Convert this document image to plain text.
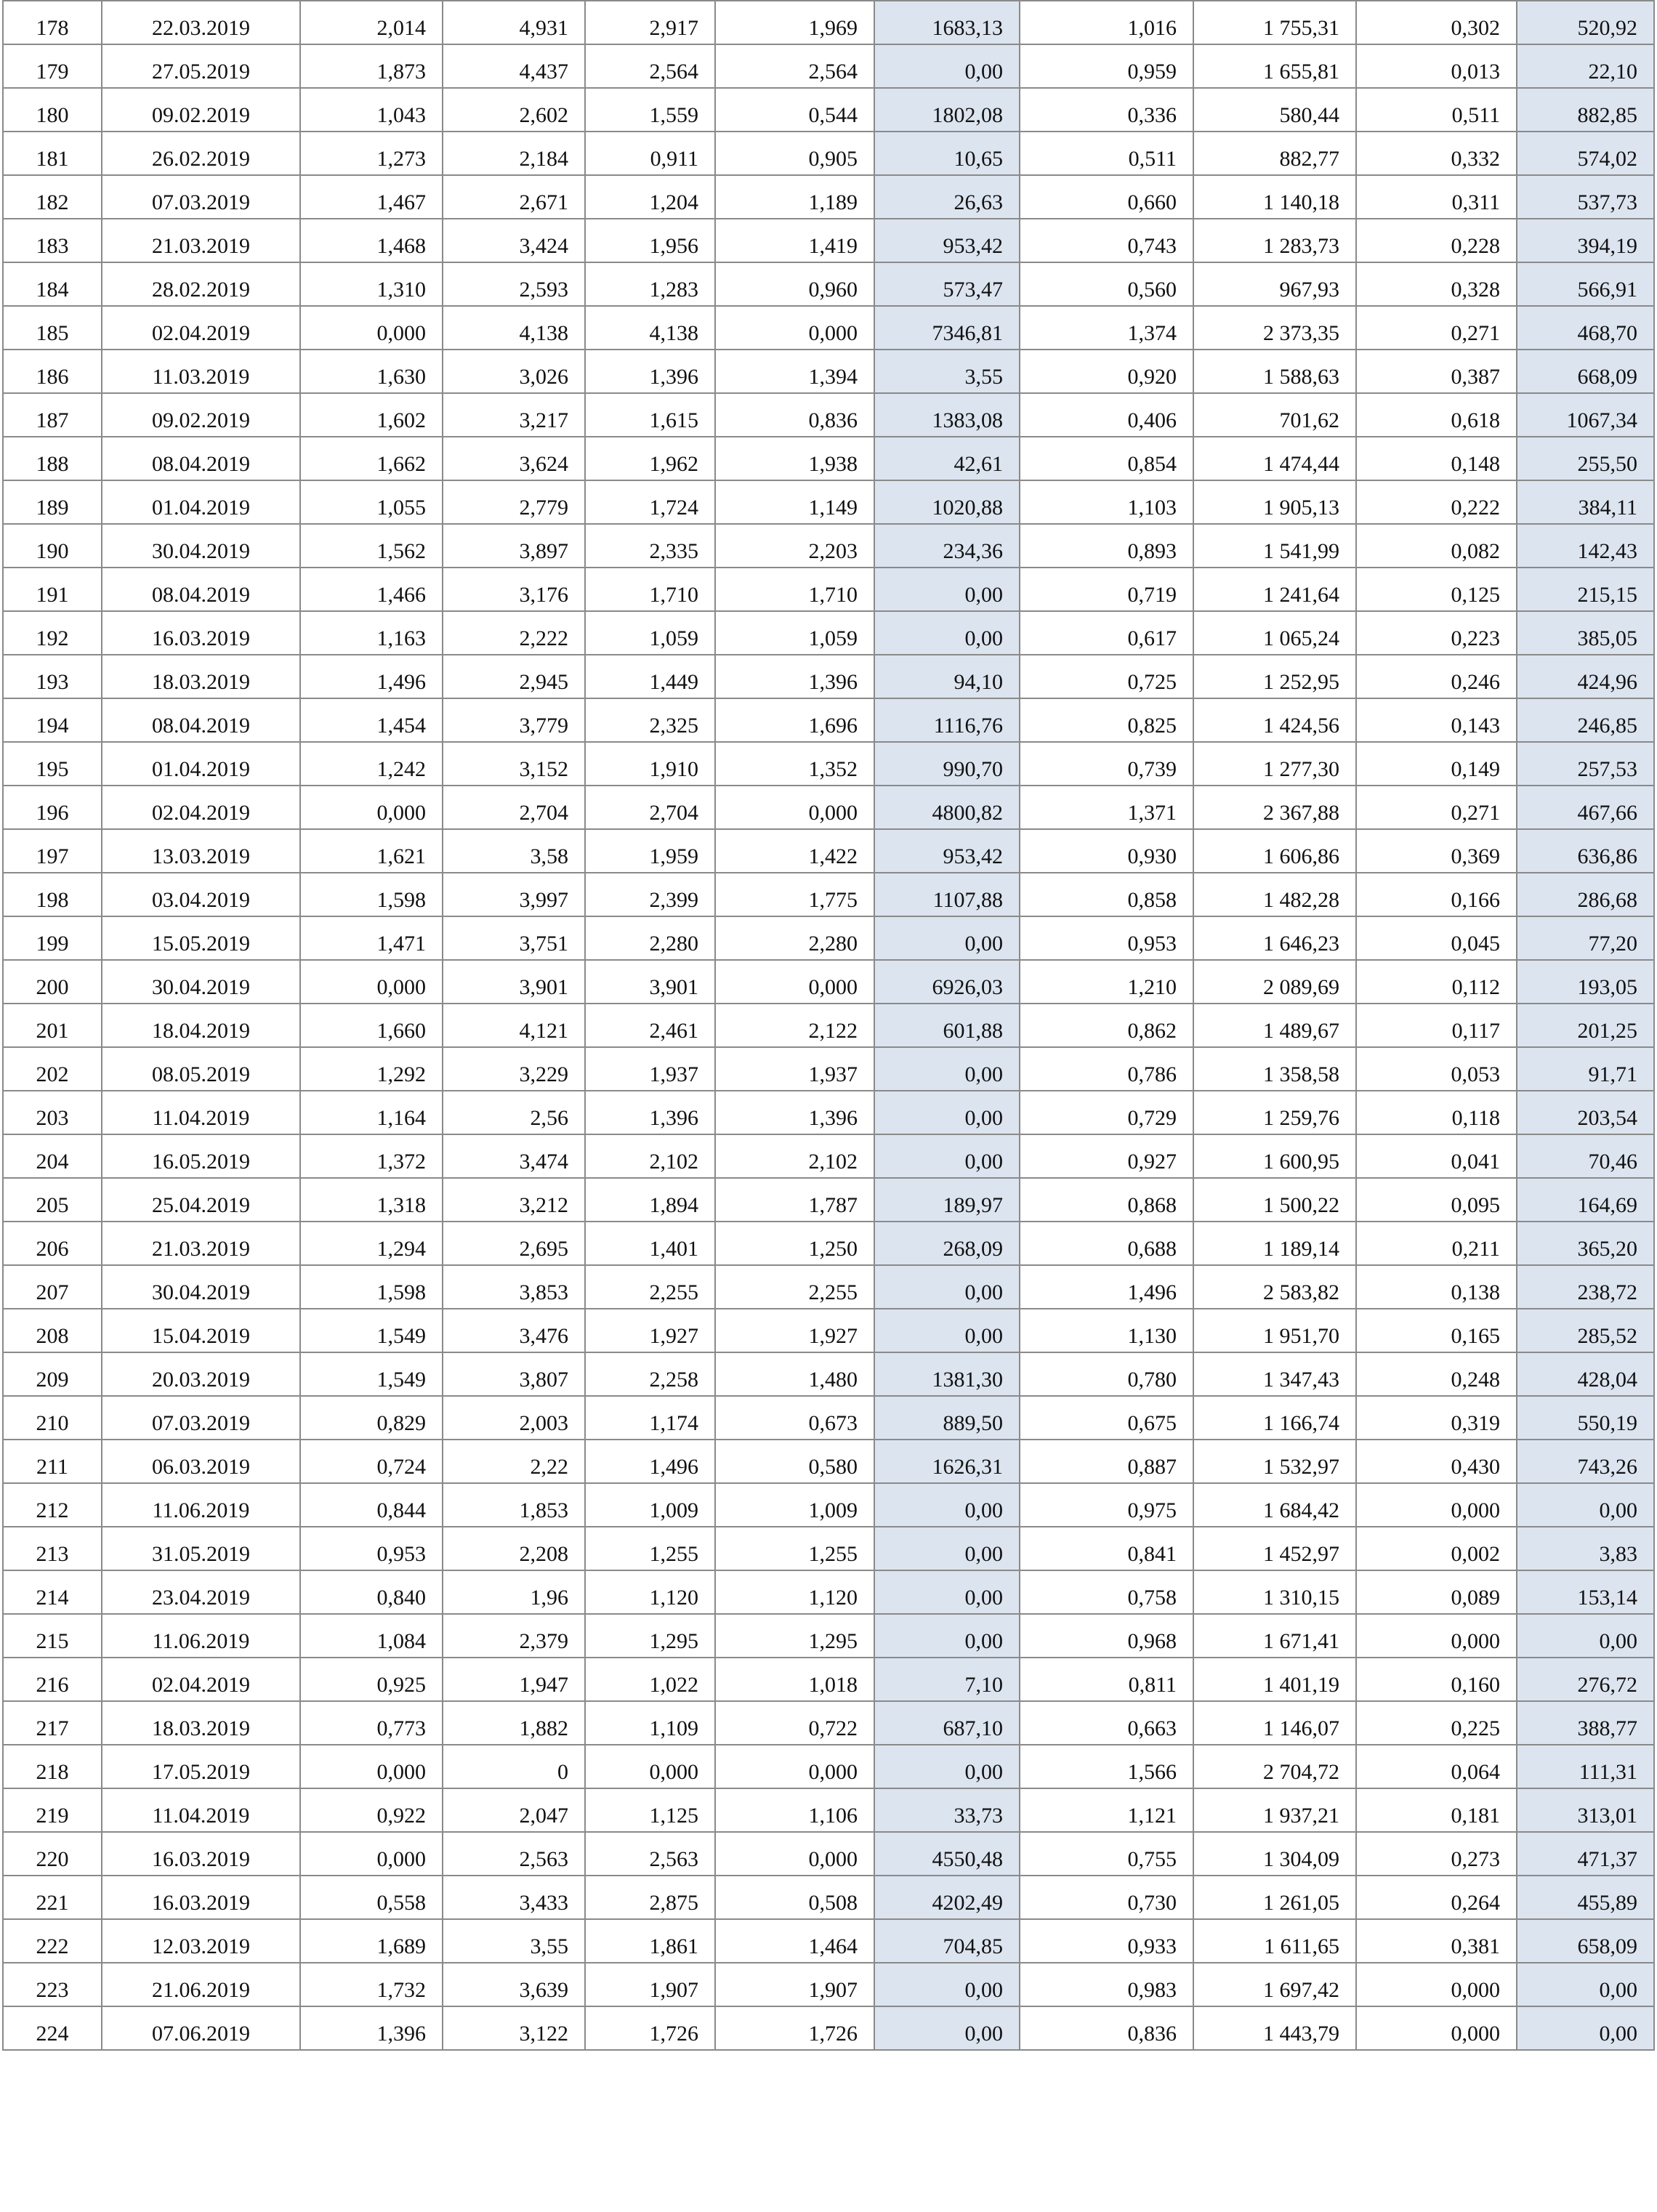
178	22.03.2019	2,014	4,931	2,917	1,969	1683,13	1,016	1 755,31	0,302	520,92
179	27.05.2019	1,873	4,437	2,564	2,564	0,00	0,959	1 655,81	0,013	22,10
180	09.02.2019	1,043	2,602	1,559	0,544	1802,08	0,336	580,44	0,511	882,85
181	26.02.2019	1,273	2,184	0,911	0,905	10,65	0,511	882,77	0,332	574,02
182	07.03.2019	1,467	2,671	1,204	1,189	26,63	0,660	1 140,18	0,311	537,73
183	21.03.2019	1,468	3,424	1,956	1,419	953,42	0,743	1 283,73	0,228	394,19
184	28.02.2019	1,310	2,593	1,283	0,960	573,47	0,560	967,93	0,328	566,91
185	02.04.2019	0,000	4,138	4,138	0,000	7346,81	1,374	2 373,35	0,271	468,70
186	11.03.2019	1,630	3,026	1,396	1,394	3,55	0,920	1 588,63	0,387	668,09
187	09.02.2019	1,602	3,217	1,615	0,836	1383,08	0,406	701,62	0,618	1067,34
188	08.04.2019	1,662	3,624	1,962	1,938	42,61	0,854	1 474,44	0,148	255,50
189	01.04.2019	1,055	2,779	1,724	1,149	1020,88	1,103	1 905,13	0,222	384,11
190	30.04.2019	1,562	3,897	2,335	2,203	234,36	0,893	1 541,99	0,082	142,43
191	08.04.2019	1,466	3,176	1,710	1,710	0,00	0,719	1 241,64	0,125	215,15
192	16.03.2019	1,163	2,222	1,059	1,059	0,00	0,617	1 065,24	0,223	385,05
193	18.03.2019	1,496	2,945	1,449	1,396	94,10	0,725	1 252,95	0,246	424,96
194	08.04.2019	1,454	3,779	2,325	1,696	1116,76	0,825	1 424,56	0,143	246,85
195	01.04.2019	1,242	3,152	1,910	1,352	990,70	0,739	1 277,30	0,149	257,53
196	02.04.2019	0,000	2,704	2,704	0,000	4800,82	1,371	2 367,88	0,271	467,66
197	13.03.2019	1,621	3,58	1,959	1,422	953,42	0,930	1 606,86	0,369	636,86
198	03.04.2019	1,598	3,997	2,399	1,775	1107,88	0,858	1 482,28	0,166	286,68
199	15.05.2019	1,471	3,751	2,280	2,280	0,00	0,953	1 646,23	0,045	77,20
200	30.04.2019	0,000	3,901	3,901	0,000	6926,03	1,210	2 089,69	0,112	193,05
201	18.04.2019	1,660	4,121	2,461	2,122	601,88	0,862	1 489,67	0,117	201,25
202	08.05.2019	1,292	3,229	1,937	1,937	0,00	0,786	1 358,58	0,053	91,71
203	11.04.2019	1,164	2,56	1,396	1,396	0,00	0,729	1 259,76	0,118	203,54
204	16.05.2019	1,372	3,474	2,102	2,102	0,00	0,927	1 600,95	0,041	70,46
205	25.04.2019	1,318	3,212	1,894	1,787	189,97	0,868	1 500,22	0,095	164,69
206	21.03.2019	1,294	2,695	1,401	1,250	268,09	0,688	1 189,14	0,211	365,20
207	30.04.2019	1,598	3,853	2,255	2,255	0,00	1,496	2 583,82	0,138	238,72
208	15.04.2019	1,549	3,476	1,927	1,927	0,00	1,130	1 951,70	0,165	285,52
209	20.03.2019	1,549	3,807	2,258	1,480	1381,30	0,780	1 347,43	0,248	428,04
210	07.03.2019	0,829	2,003	1,174	0,673	889,50	0,675	1 166,74	0,319	550,19
211	06.03.2019	0,724	2,22	1,496	0,580	1626,31	0,887	1 532,97	0,430	743,26
212	11.06.2019	0,844	1,853	1,009	1,009	0,00	0,975	1 684,42	0,000	0,00
213	31.05.2019	0,953	2,208	1,255	1,255	0,00	0,841	1 452,97	0,002	3,83
214	23.04.2019	0,840	1,96	1,120	1,120	0,00	0,758	1 310,15	0,089	153,14
215	11.06.2019	1,084	2,379	1,295	1,295	0,00	0,968	1 671,41	0,000	0,00
216	02.04.2019	0,925	1,947	1,022	1,018	7,10	0,811	1 401,19	0,160	276,72
217	18.03.2019	0,773	1,882	1,109	0,722	687,10	0,663	1 146,07	0,225	388,77
218	17.05.2019	0,000	0	0,000	0,000	0,00	1,566	2 704,72	0,064	111,31
219	11.04.2019	0,922	2,047	1,125	1,106	33,73	1,121	1 937,21	0,181	313,01
220	16.03.2019	0,000	2,563	2,563	0,000	4550,48	0,755	1 304,09	0,273	471,37
221	16.03.2019	0,558	3,433	2,875	0,508	4202,49	0,730	1 261,05	0,264	455,89
222	12.03.2019	1,689	3,55	1,861	1,464	704,85	0,933	1 611,65	0,381	658,09
223	21.06.2019	1,732	3,639	1,907	1,907	0,00	0,983	1 697,42	0,000	0,00
224	07.06.2019	1,396	3,122	1,726	1,726	0,00	0,836	1 443,79	0,000	0,00
